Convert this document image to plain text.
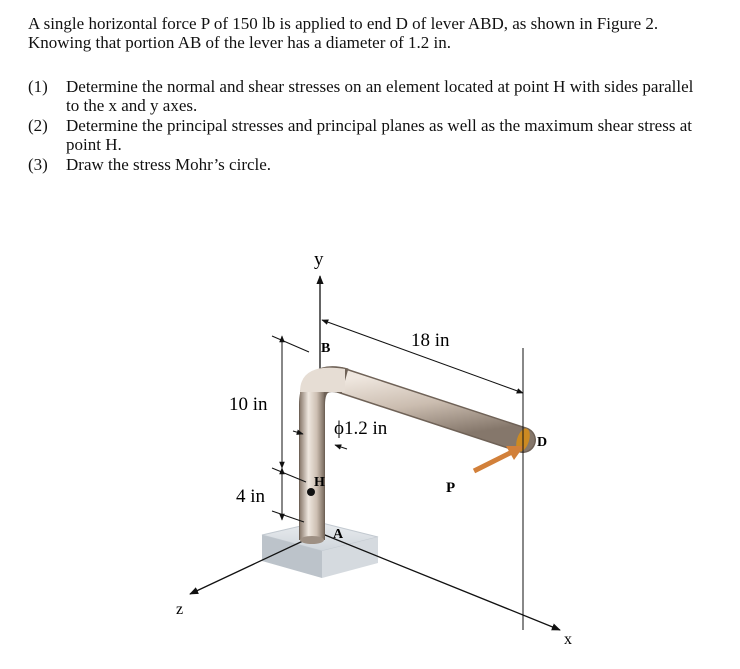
A single horizontal force P of 150 lb is applied to end D of lever ABD, as shown in Figure 2.

Knowing that portion AB of the lever has a diameter of 1.2 in.

(1) Determine the normal and shear stresses on an element located at point H with sides parallel
to the x and y axes.
(2) Determine the principal stresses and principal planes as well as the maximum shear stress at
point H.
(3) Draw the stress Mohr’s circle.
y
z
x
B
D
H
A
P
18 in
10 in
4 in
ϕ1.2 in
